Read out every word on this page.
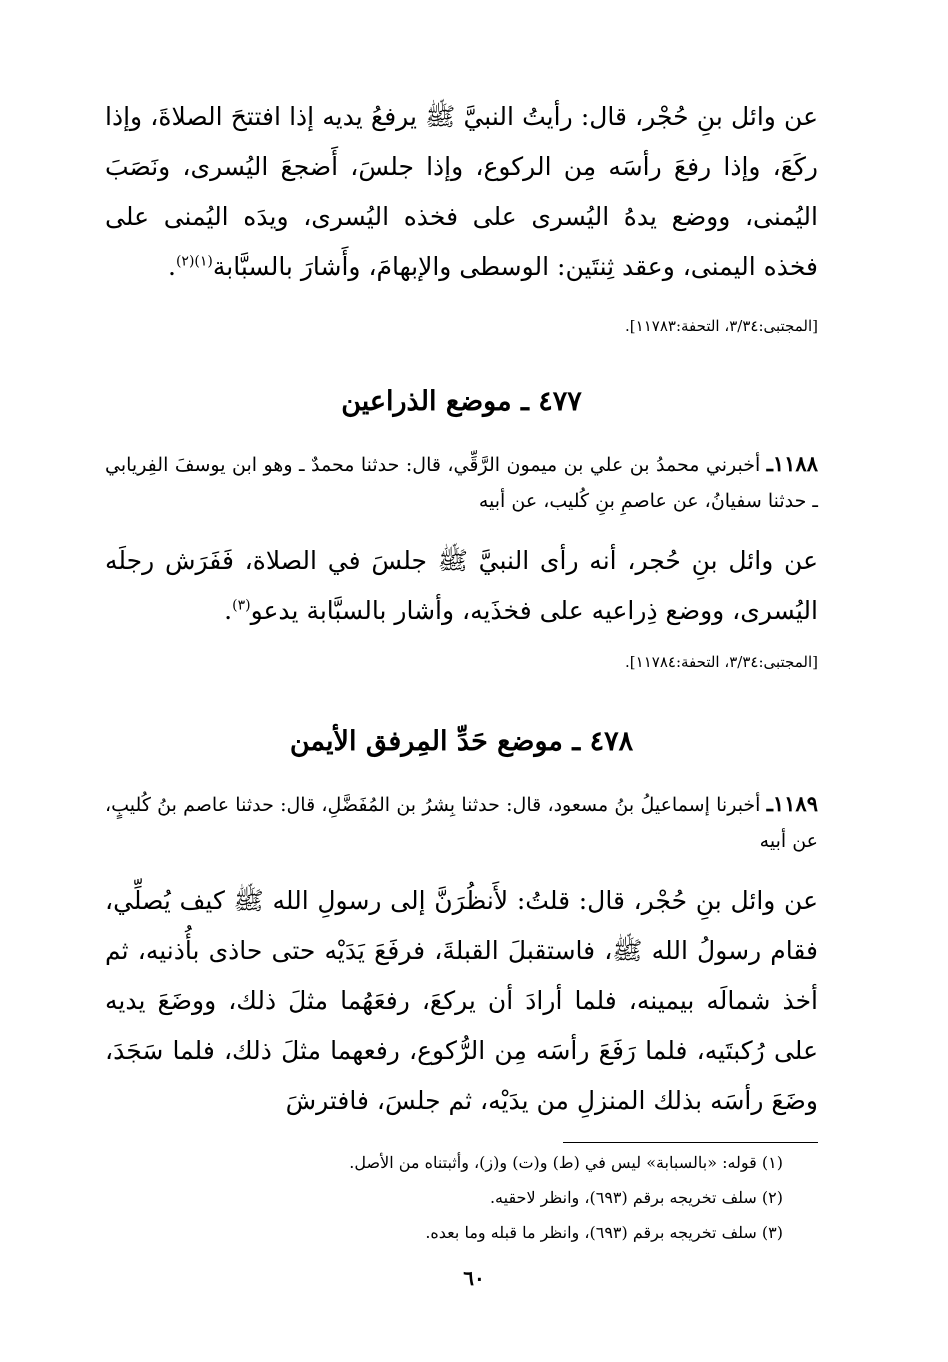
عن وائل بنِ حُجْر، قال: رأيتُ النبيَّ ﷺ يرفعُ يديه إذا افتتحَ الصلاةَ، وإذا ركَعَ، وإذا رفعَ رأسَه مِن الركوع، وإذا جلسَ، أَضجعَ اليُسرى، ونَصَبَ اليُمنى، ووضع يدهُ اليُسرى على فخذه اليُسرى، ويدَه اليُمنى على فخذه اليمنى، وعقد ثِنتَين: الوسطى والإبهامَ، وأَشارَ بالسبَّابة$^{(١)(٢)}$.
[المجتبى:٣/٣٤، التحفة:١١٧٨٣].
٤٧٧ ـ موضع الذراعين
١١٨٨ـ أخبرني محمدُ بن علي بن ميمون الرَّقِّي، قال: حدثنا محمدٌ ـ وهو ابن يوسفَ الفِريابي ـ حدثنا سفيانُ، عن عاصمِ بنِ كُليب، عن أبيه
عن وائل بنِ حُجر، أنه رأى النبيَّ ﷺ جلسَ في الصلاة، فَفَرَش رجلَه اليُسرى، ووضع ذِراعيه على فخذَيه، وأشار بالسبَّابة يدعو$^{(٣)}$.
[المجتبى:٣/٣٤، التحفة:١١٧٨٤].
٤٧٨ ـ موضع حَدِّ المِرفق الأيمن
١١٨٩ـ أخبرنا إسماعيلُ بنُ مسعود، قال: حدثنا بِشرُ بن المُفَضَّلِ، قال: حدثنا عاصم بنُ كُليبٍ، عن أبيه
عن وائل بنِ حُجْر، قال: قلتُ: لأَنظُرَنَّ إلى رسولِ الله ﷺ كيف يُصلِّي، فقام رسولُ الله ﷺ، فاستقبلَ القبلةَ، فرفَعَ يَدَيْه حتى حاذى بأُذنيه، ثم أخذ شمالَه بيمينه، فلما أرادَ أن يركعَ، رفعَهُما مثلَ ذلك، ووضَعَ يديه على رُكبتَيه، فلما رَفَعَ رأسَه مِن الرُّكوع، رفعهما مثلَ ذلك، فلما سَجَدَ، وضَعَ رأسَه بذلك المنزلِ من يدَيْه، ثم جلسَ، فافترشَ
(١) قوله: «بالسبابة» ليس في (ط) و(ت) و(ز)، وأثبتناه من الأصل.
(٢) سلف تخريجه برقم (٦٩٣)، وانظر لاحقيه.
(٣) سلف تخريجه برقم (٦٩٣)، وانظر ما قبله وما بعده.
٦٠
